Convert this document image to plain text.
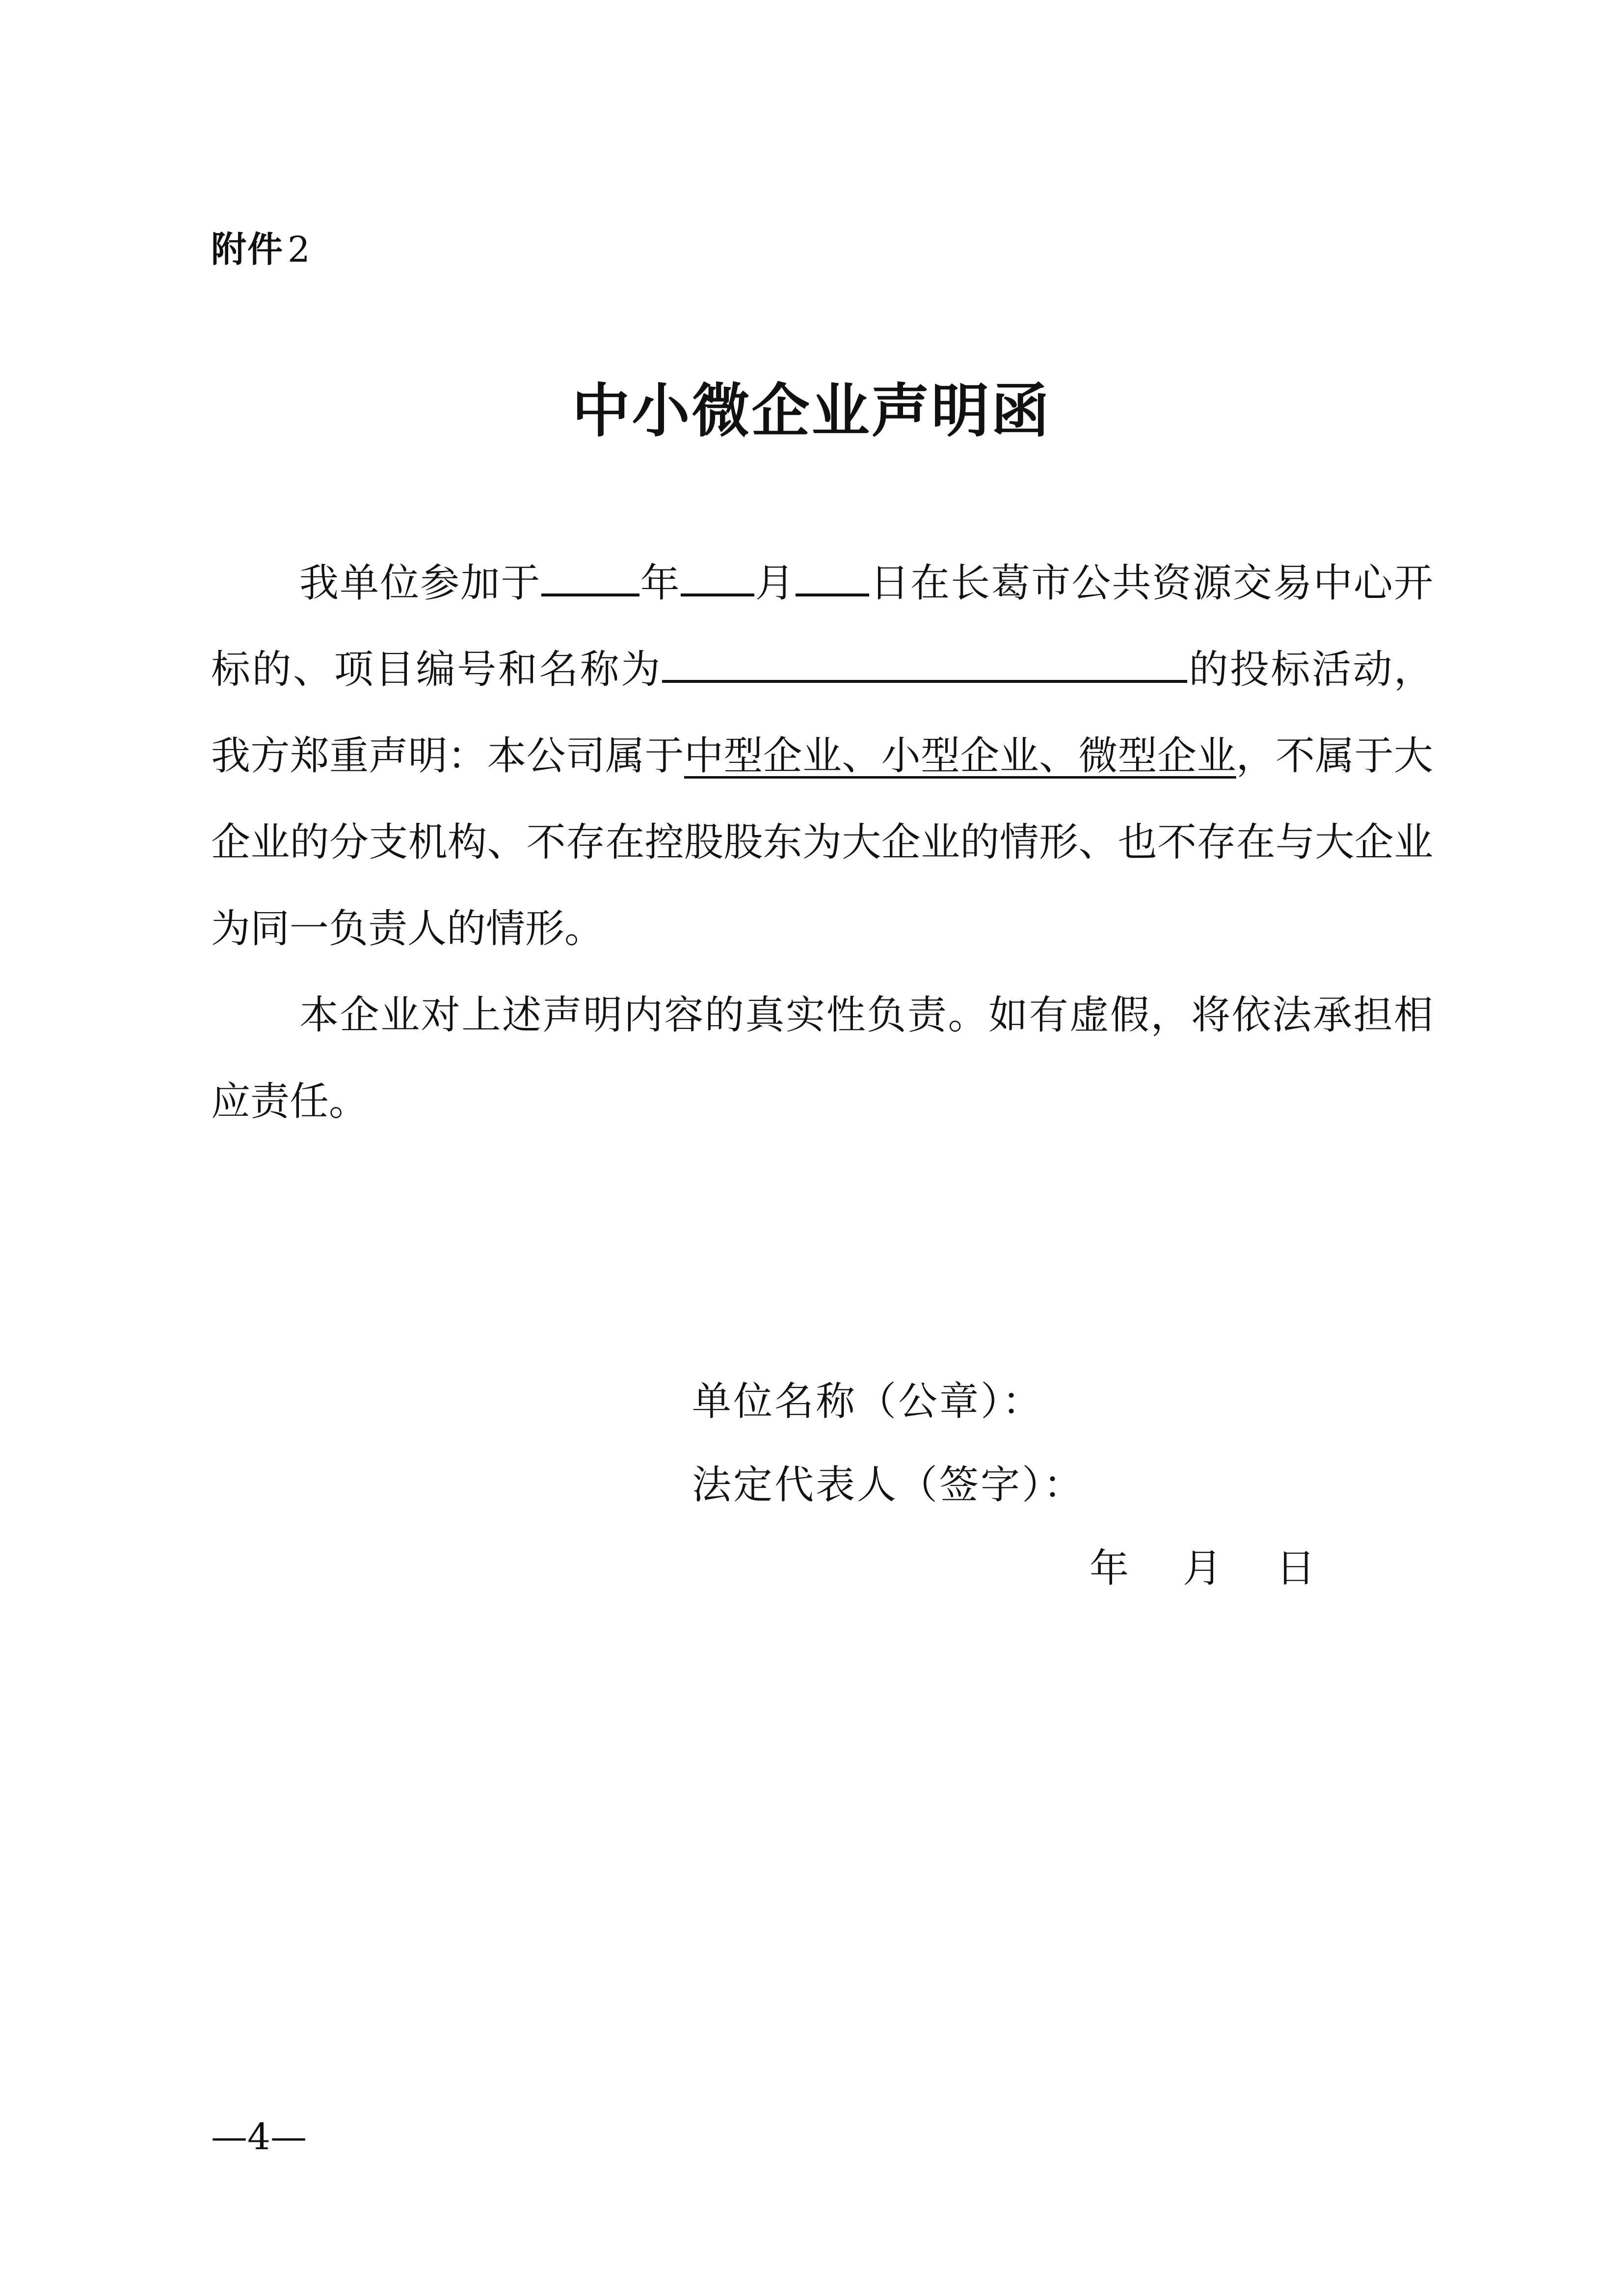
附件 2
中小微企业声明函

我单位参加于	年 月 日在长葛市公共资源交易中心开标的、项目编号和名称为	的投标活动，我方郑重声明：本公司属于中型企业、小型企业、微型企业，不属于大企业的分支机构、不存在控股股东为大企业的情形、也不存在与大企业为同一负责人的情形。

本企业对上述声明内容的真实性负责。如有虚假，将依法承担相应责任。

单位名称（公章）：
法定代表人（签字）：
年 月 日
—4—
